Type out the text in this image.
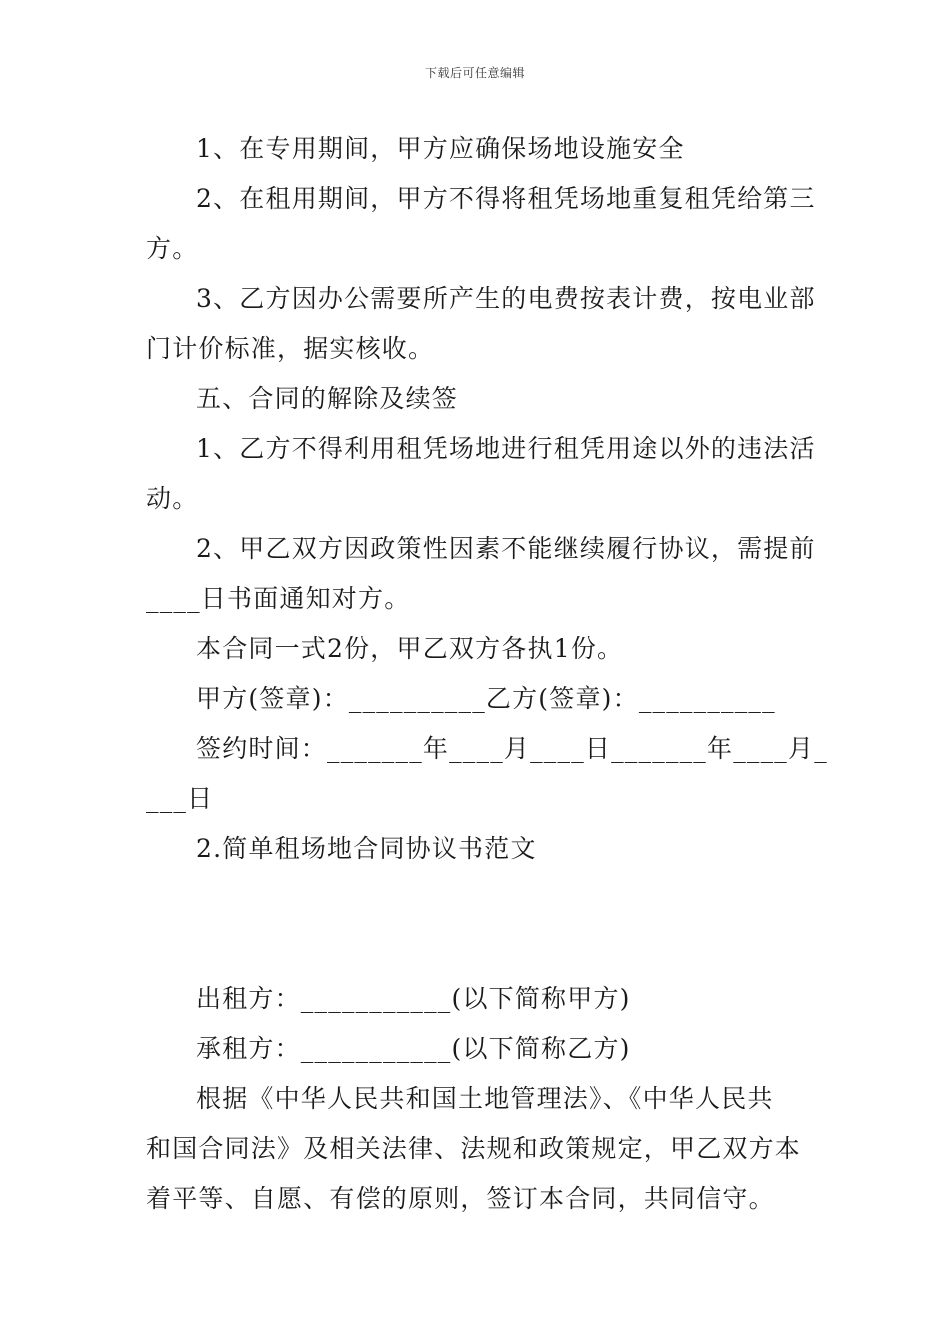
下载后可任意编辑

1、在专用期间，甲方应确保场地设施安全

2、在租用期间，甲方不得将租凭场地重复租凭给第三

方。

3、乙方因办公需要所产生的电费按表计费，按电业部

门计价标准，据实核收。

五、合同的解除及续签

1、乙方不得利用租凭场地进行租凭用途以外的违法活

动。

2、甲乙双方因政策性因素不能继续履行协议，需提前

____日书面通知对方。

本合同一式2份，甲乙双方各执1份。

甲方(签章)：__________乙方(签章)：__________

签约时间：_______年____月____日_______年____月_

___日

2.简单租场地合同协议书范文

出租方：___________(以下简称甲方)

承租方：___________(以下简称乙方)

根据《中华人民共和国土地管理法》、《中华人民共

和国合同法》及相关法律、法规和政策规定，甲乙双方本

着平等、自愿、有偿的原则，签订本合同，共同信守。
